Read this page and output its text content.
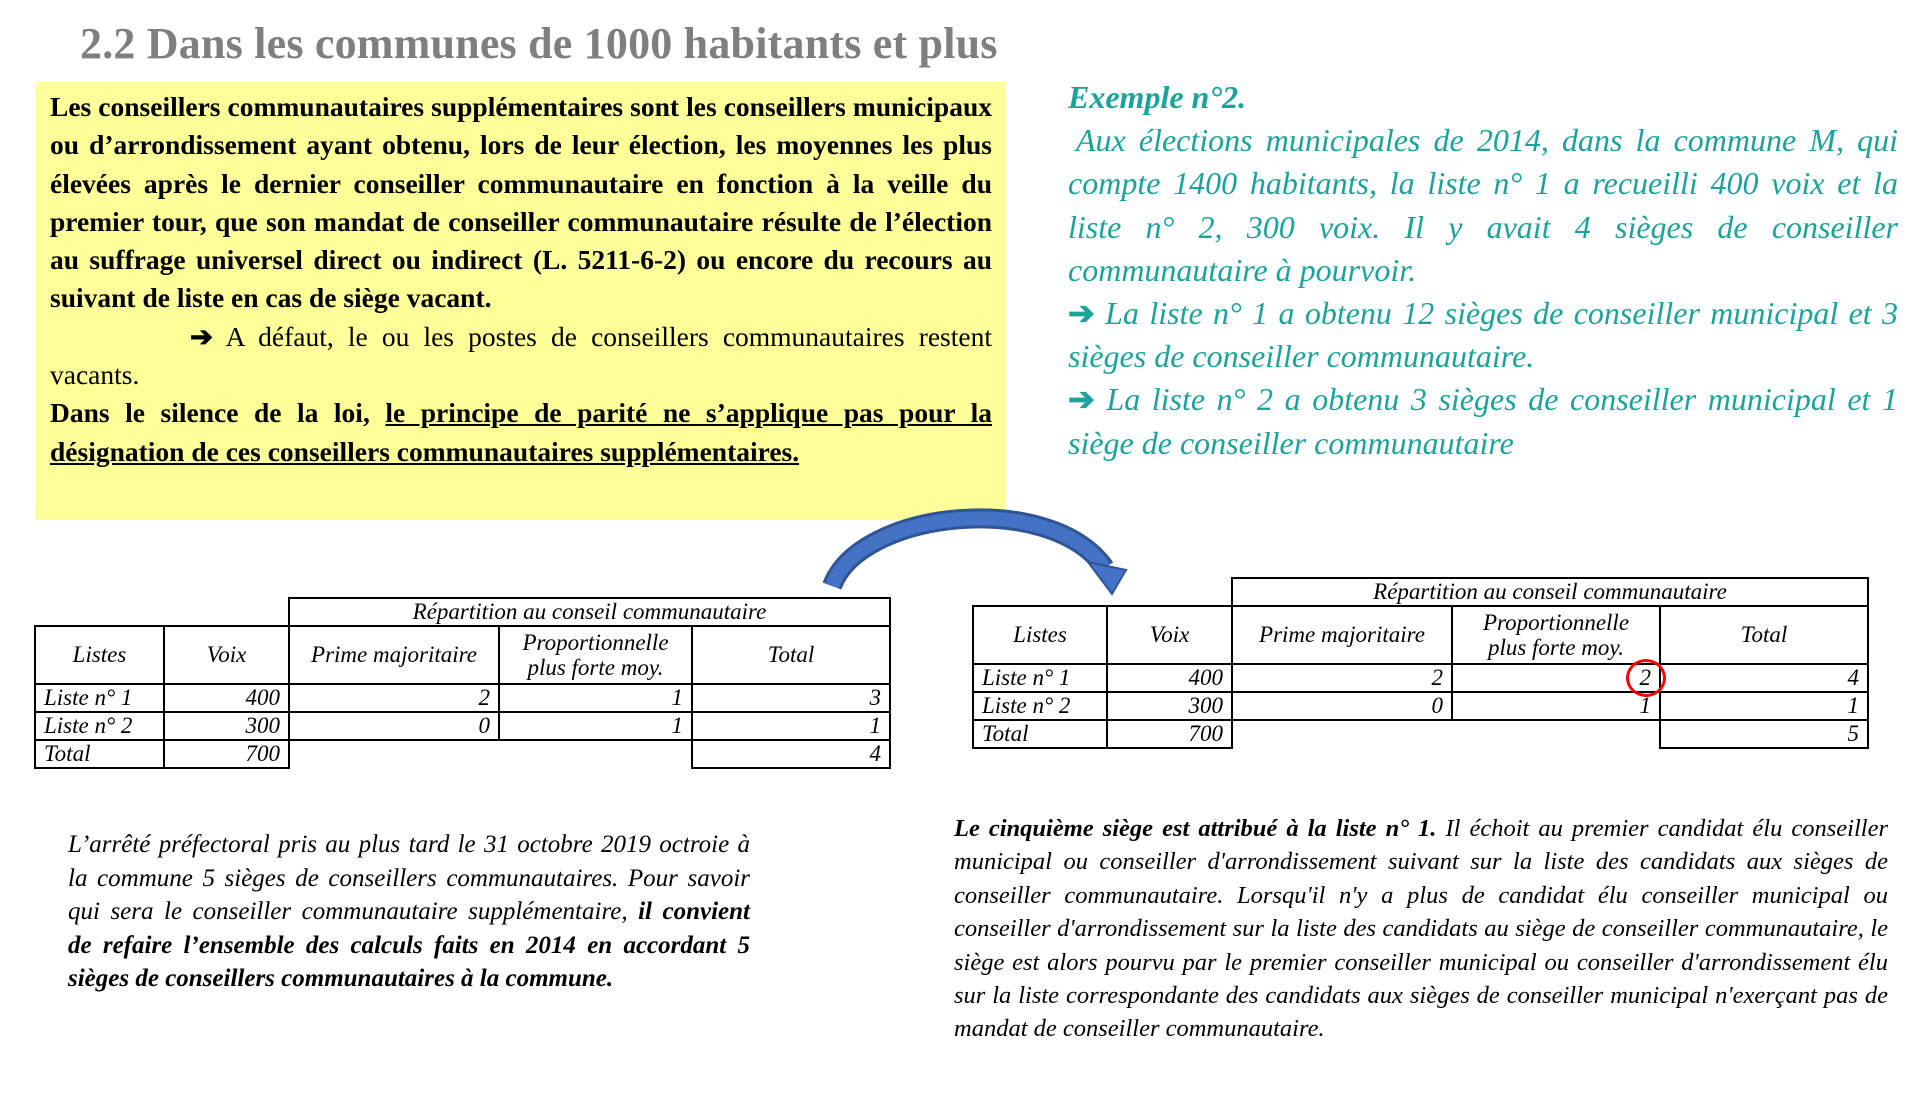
2.2 Dans les communes de 1000 habitants et plus

Les conseillers communautaires supplémentaires sont les conseillers municipaux ou d’arrondissement ayant obtenu, lors de leur élection, les moyennes les plus élevées après le dernier conseiller communautaire en fonction à la veille du premier tour, que son mandat de conseiller communautaire résulte de l’élection au suffrage universel direct ou indirect (L. 5211-6-2) ou encore du recours au suivant de liste en cas de siège vacant.

➔ A défaut, le ou les postes de conseillers communautaires restent vacants.

Dans le silence de la loi, le principe de parité ne s’applique pas pour la désignation de ces conseillers communautaires supplémentaires.

Exemple n°2.

Aux élections municipales de 2014, dans la commune M, qui compte 1400 habitants, la liste n° 1 a recueilli 400 voix et la liste n° 2, 300 voix. Il y avait 4 sièges de conseiller communautaire à pourvoir.

➔ La liste n° 1 a obtenu 12 sièges de conseiller municipal et 3 sièges de conseiller communautaire.

➔ La liste n° 2 a obtenu 3 sièges de conseiller municipal et 1 siège de conseiller communautaire

		Répartition au conseil communautaire		
Listes	Voix	Prime majoritaire	Proportionnelle plus forte moy.	Total
Liste n° 1	400	2	1	3
Liste n° 2	300	0	1	1
Total	700			4
		Répartition au conseil communautaire		
Listes	Voix	Prime majoritaire	Proportionnelle plus forte moy.	Total
Liste n° 1	400	2	2	4
Liste n° 2	300	0	1	1
Total	700			5
L’arrêté préfectoral pris au plus tard le 31 octobre 2019 octroie à la commune 5 sièges de conseillers communautaires. Pour savoir qui sera le conseiller communautaire supplémentaire, il convient de refaire l’ensemble des calculs faits en 2014 en accordant 5 sièges de conseillers communautaires à la commune.
Le cinquième siège est attribué à la liste n° 1. Il échoit au premier candidat élu conseiller municipal ou conseiller d'arrondissement suivant sur la liste des candidats aux sièges de conseiller communautaire. Lorsqu'il n'y a plus de candidat élu conseiller municipal ou conseiller d'arrondissement sur la liste des candidats au siège de conseiller communautaire, le siège est alors pourvu par le premier conseiller municipal ou conseiller d'arrondissement élu sur la liste correspondante des candidats aux sièges de conseiller municipal n'exerçant pas de mandat de conseiller communautaire.
